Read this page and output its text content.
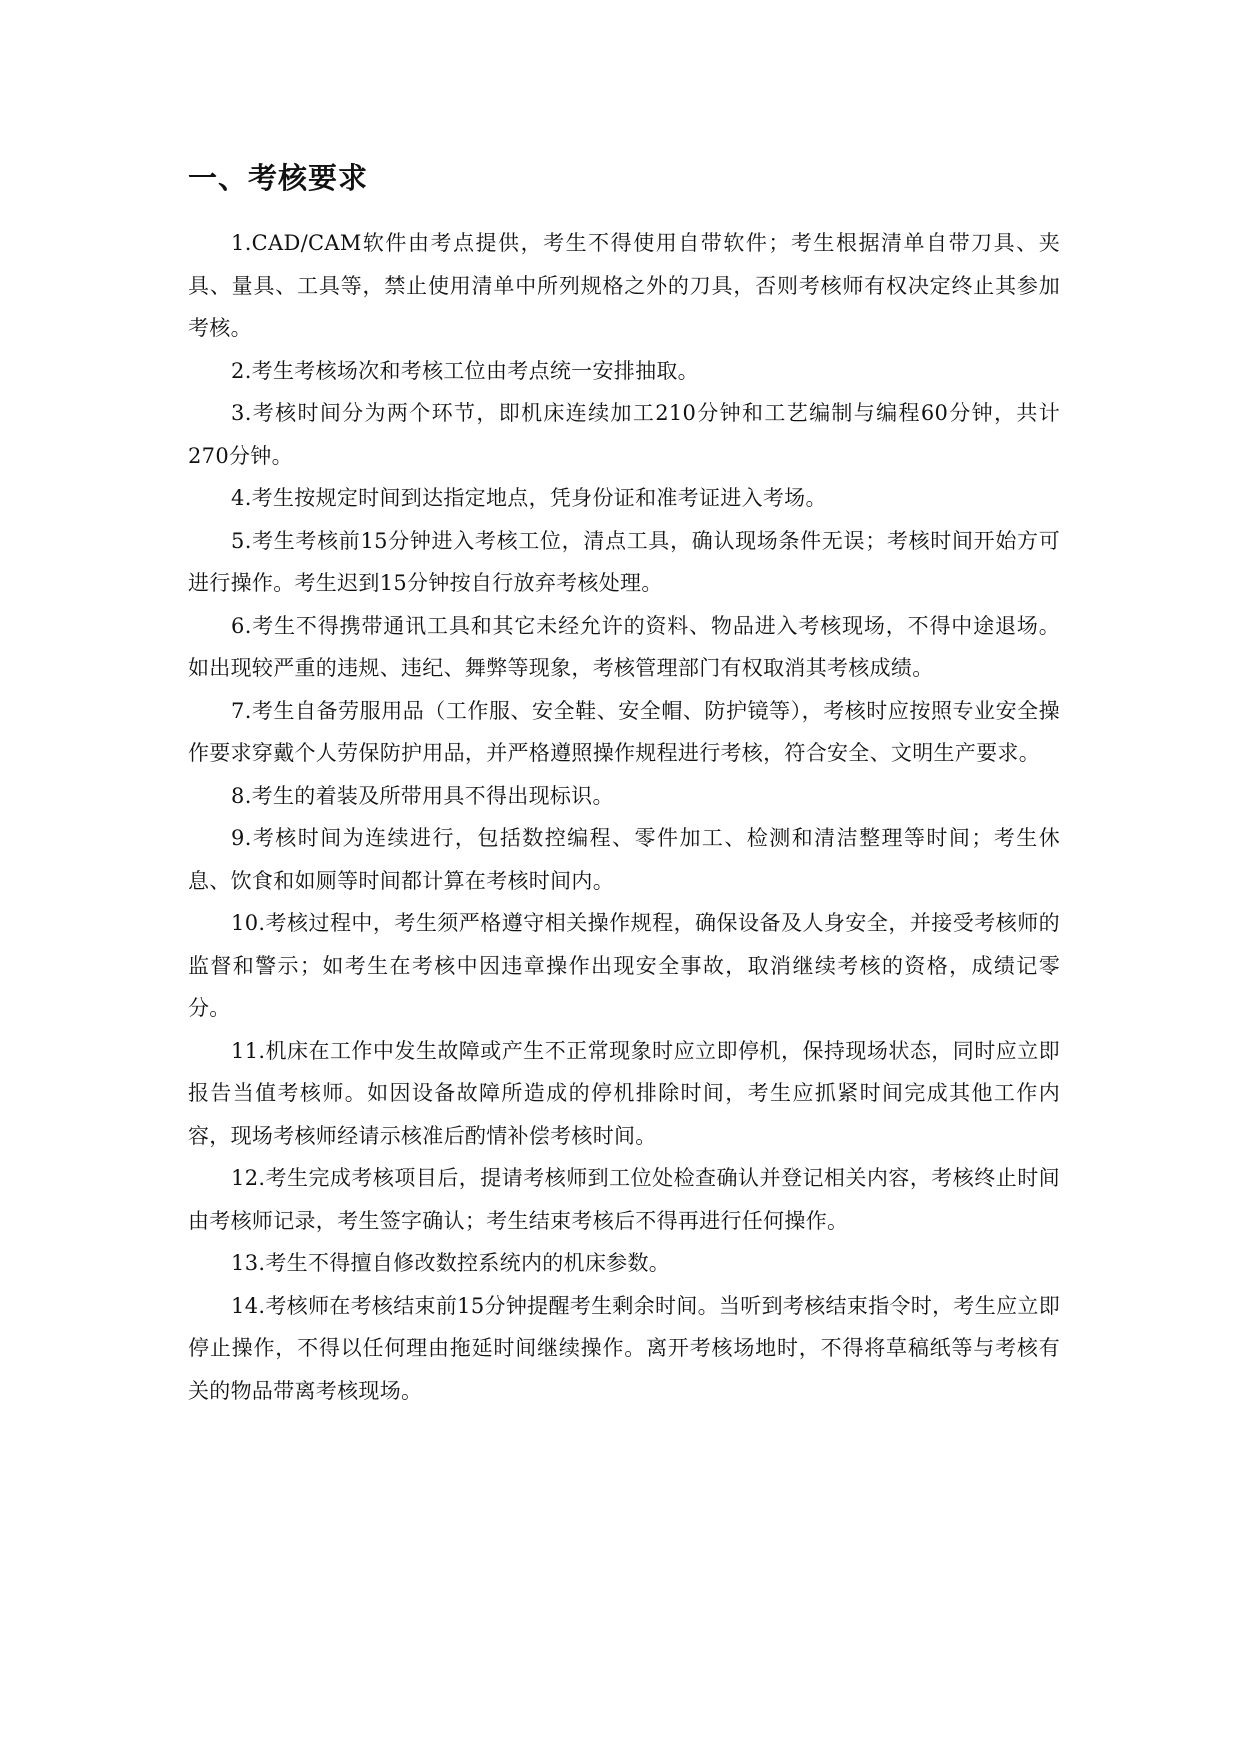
一、考核要求

1.CAD/CAM软件由考点提供，考生不得使用自带软件；考生根据清单自带刀具、夹具、量具、工具等，禁止使用清单中所列规格之外的刀具，否则考核师有权决定终止其参加考核。

2.考生考核场次和考核工位由考点统一安排抽取。

3.考核时间分为两个环节，即机床连续加工210分钟和工艺编制与编程60分钟，共计270分钟。

4.考生按规定时间到达指定地点，凭身份证和准考证进入考场。

5.考生考核前15分钟进入考核工位，清点工具，确认现场条件无误；考核时间开始方可进行操作。考生迟到15分钟按自行放弃考核处理。

6.考生不得携带通讯工具和其它未经允许的资料、物品进入考核现场，不得中途退场。如出现较严重的违规、违纪、舞弊等现象，考核管理部门有权取消其考核成绩。

7.考生自备劳服用品（工作服、安全鞋、安全帽、防护镜等），考核时应按照专业安全操作要求穿戴个人劳保防护用品，并严格遵照操作规程进行考核，符合安全、文明生产要求。

8.考生的着装及所带用具不得出现标识。

9.考核时间为连续进行，包括数控编程、零件加工、检测和清洁整理等时间；考生休息、饮食和如厕等时间都计算在考核时间内。

10.考核过程中，考生须严格遵守相关操作规程，确保设备及人身安全，并接受考核师的监督和警示；如考生在考核中因违章操作出现安全事故，取消继续考核的资格，成绩记零分。

11.机床在工作中发生故障或产生不正常现象时应立即停机，保持现场状态，同时应立即报告当值考核师。如因设备故障所造成的停机排除时间，考生应抓紧时间完成其他工作内容，现场考核师经请示核准后酌情补偿考核时间。

12.考生完成考核项目后，提请考核师到工位处检查确认并登记相关内容，考核终止时间由考核师记录，考生签字确认；考生结束考核后不得再进行任何操作。

13.考生不得擅自修改数控系统内的机床参数。

14.考核师在考核结束前15分钟提醒考生剩余时间。当听到考核结束指令时，考生应立即停止操作，不得以任何理由拖延时间继续操作。离开考核场地时，不得将草稿纸等与考核有关的物品带离考核现场。
